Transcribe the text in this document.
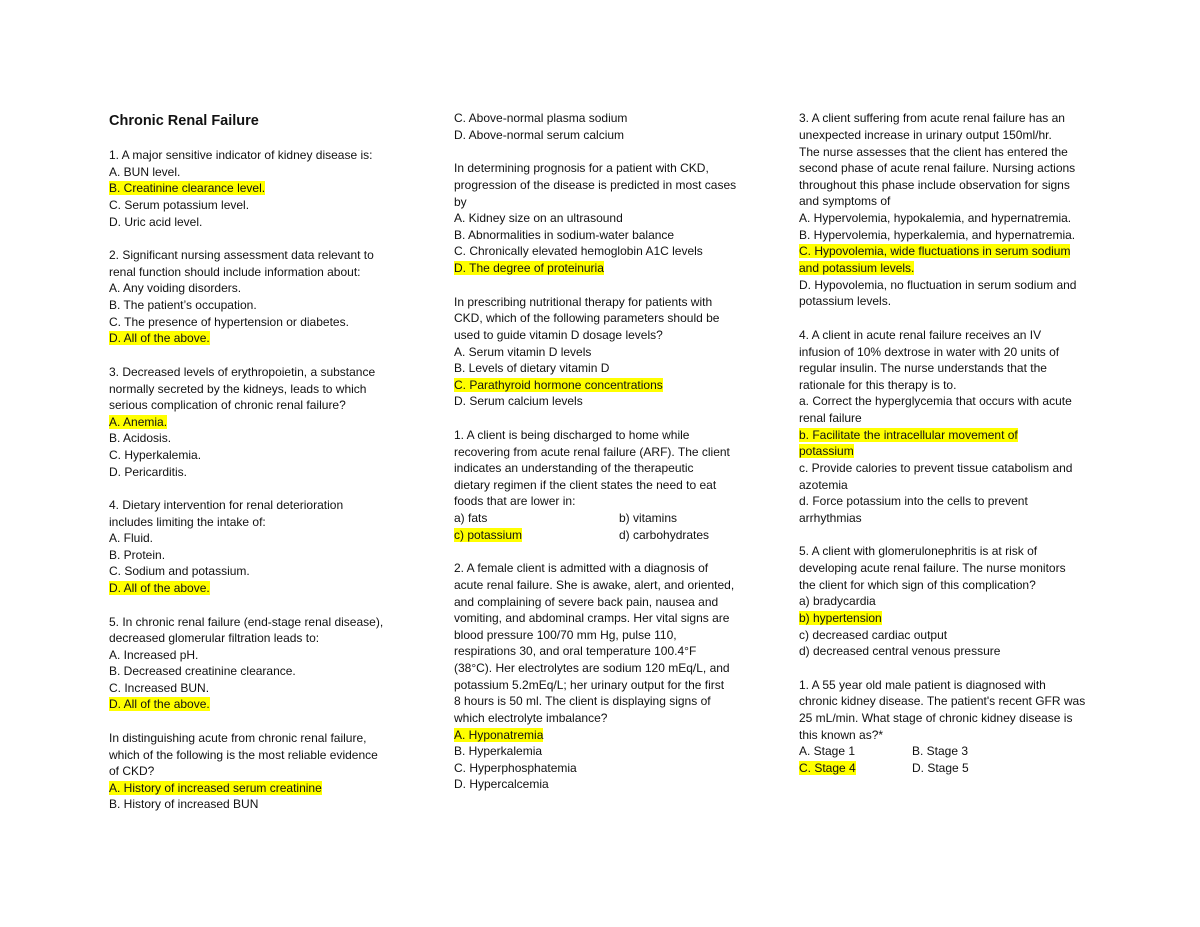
Chronic Renal Failure
1. A major sensitive indicator of kidney disease is:
A. BUN level.
B. Creatinine clearance level.
C. Serum potassium level.
D. Uric acid level.
2. Significant nursing assessment data relevant to
renal function should include information about:
A. Any voiding disorders.
B. The patient’s occupation.
C. The presence of hypertension or diabetes.
D. All of the above.
3. Decreased levels of erythropoietin, a substance
normally secreted by the kidneys, leads to which
serious complication of chronic renal failure?
A. Anemia.
B. Acidosis.
C. Hyperkalemia.
D. Pericarditis.
4. Dietary intervention for renal deterioration
includes limiting the intake of:
A. Fluid.
B. Protein.
C. Sodium and potassium.
D. All of the above.
5. In chronic renal failure (end-stage renal disease),
decreased glomerular filtration leads to:
A. Increased pH.
B. Decreased creatinine clearance.
C. Increased BUN.
D. All of the above.
In distinguishing acute from chronic renal failure,
which of the following is the most reliable evidence
of CKD?
A. History of increased serum creatinine
B. History of increased BUN
C. Above-normal plasma sodium
D. Above-normal serum calcium
In determining prognosis for a patient with CKD,
progression of the disease is predicted in most cases
by
A. Kidney size on an ultrasound
B. Abnormalities in sodium-water balance
C. Chronically elevated hemoglobin A1C levels
D. The degree of proteinuria
In prescribing nutritional therapy for patients with
CKD, which of the following parameters should be
used to guide vitamin D dosage levels?
A. Serum vitamin D levels
B. Levels of dietary vitamin D
C. Parathyroid hormone concentrations
D. Serum calcium levels
1. A client is being discharged to home while
recovering from acute renal failure (ARF). The client
indicates an understanding of the therapeutic
dietary regimen if the client states the need to eat
foods that are lower in:
a) fats	b) vitamins
c) potassium	d) carbohydrates
2. A female client is admitted with a diagnosis of
acute renal failure. She is awake, alert, and oriented,
and complaining of severe back pain, nausea and
vomiting, and abdominal cramps. Her vital signs are
blood pressure 100/70 mm Hg, pulse 110,
respirations 30, and oral temperature 100.4°F
(38°C). Her electrolytes are sodium 120 mEq/L, and
potassium 5.2mEq/L; her urinary output for the first
8 hours is 50 ml. The client is displaying signs of
which electrolyte imbalance?
A. Hyponatremia
B. Hyperkalemia
C. Hyperphosphatemia
D. Hypercalcemia
3. A client suffering from acute renal failure has an
unexpected increase in urinary output 150ml/hr.
The nurse assesses that the client has entered the
second phase of acute renal failure. Nursing actions
throughout this phase include observation for signs
and symptoms of
A. Hypervolemia, hypokalemia, and hypernatremia.
B. Hypervolemia, hyperkalemia, and hypernatremia.
C. Hypovolemia, wide fluctuations in serum sodium
and potassium levels.
D. Hypovolemia, no fluctuation in serum sodium and
potassium levels.
4. A client in acute renal failure receives an IV
infusion of 10% dextrose in water with 20 units of
regular insulin. The nurse understands that the
rationale for this therapy is to.
a. Correct the hyperglycemia that occurs with acute
renal failure
b. Facilitate the intracellular movement of
potassium
c. Provide calories to prevent tissue catabolism and
azotemia
d. Force potassium into the cells to prevent
arrhythmias
5. A client with glomerulonephritis is at risk of
developing acute renal failure. The nurse monitors
the client for which sign of this complication?
a) bradycardia
b) hypertension
c) decreased cardiac output
d) decreased central venous pressure
1. A 55 year old male patient is diagnosed with
chronic kidney disease. The patient's recent GFR was
25 mL/min. What stage of chronic kidney disease is
this known as?*
A. Stage 1	B. Stage 3
C. Stage 4	D. Stage 5
